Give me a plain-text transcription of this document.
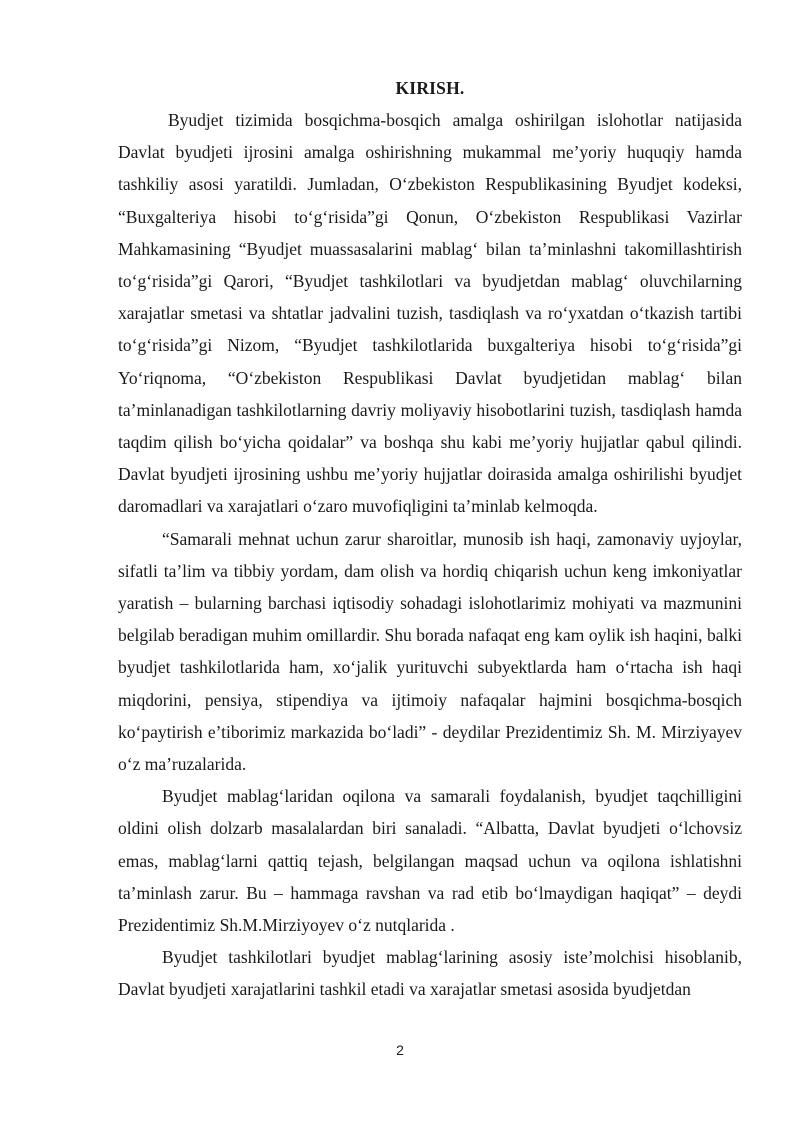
KIRISH.

Byudjet tizimida bosqichma-bosqich amalga oshirilgan islohotlar natijasida Davlat byudjeti ijrosini amalga oshirishning mukammal me’yoriy huquqiy hamda tashkiliy asosi yaratildi. Jumladan, O‘zbekiston Respublikasining Byudjet kodeksi, “Buxgalteriya hisobi to‘g‘risida”gi Qonun, O‘zbekiston Respublikasi Vazirlar Mahkamasining “Byudjet muassasalarini mablag‘ bilan ta’minlashni takomillashtirish to‘g‘risida”gi Qarori, “Byudjet tashkilotlari va byudjetdan mablag‘ oluvchilarning xarajatlar smetasi va shtatlar jadvalini tuzish, tasdiqlash va ro‘yxatdan o‘tkazish tartibi to‘g‘risida”gi Nizom, “Byudjet tashkilotlarida buxgalteriya hisobi to‘g‘risida”gi Yo‘riqnoma, “O‘zbekiston Respublikasi Davlat byudjetidan mablag‘ bilan ta’minlanadigan tashkilotlarning davriy moliyaviy hisobotlarini tuzish, tasdiqlash hamda taqdim qilish bo‘yicha qoidalar” va boshqa shu kabi me’yoriy hujjatlar qabul qilindi. Davlat byudjeti ijrosining ushbu me’yoriy hujjatlar doirasida amalga oshirilishi byudjet daromadlari va xarajatlari o‘zaro muvofiqligini ta’minlab kelmoqda.

“Samarali mehnat uchun zarur sharoitlar, munosib ish haqi, zamonaviy uyjoylar, sifatli ta’lim va tibbiy yordam, dam olish va hordiq chiqarish uchun keng imkoniyatlar yaratish – bularning barchasi iqtisodiy sohadagi islohotlarimiz mohiyati va mazmunini belgilab beradigan muhim omillardir. Shu borada nafaqat eng kam oylik ish haqini, balki byudjet tashkilotlarida ham, xo‘jalik yurituvchi subyektlarda ham o‘rtacha ish haqi miqdorini, pensiya, stipendiya va ijtimoiy nafaqalar hajmini bosqichma-bosqich ko‘paytirish e’tiborimiz markazida bo‘ladi” - deydilar Prezidentimiz Sh. M. Mirziyayev o‘z ma’ruzalarida.

Byudjet mablag‘laridan oqilona va samarali foydalanish, byudjet taqchilligini oldini olish dolzarb masalalardan biri sanaladi. “Albatta, Davlat byudjeti o‘lchovsiz emas, mablag‘larni qattiq tejash, belgilangan maqsad uchun va oqilona ishlatishni ta’minlash zarur. Bu – hammaga ravshan va rad etib bo‘lmaydigan haqiqat” – deydi Prezidentimiz Sh.M.Mirziyoyev o‘z nutqlarida .

Byudjet tashkilotlari byudjet mablag‘larining asosiy iste’molchisi hisoblanib, Davlat byudjeti xarajatlarini tashkil etadi va xarajatlar smetasi asosida byudjetdan

2
